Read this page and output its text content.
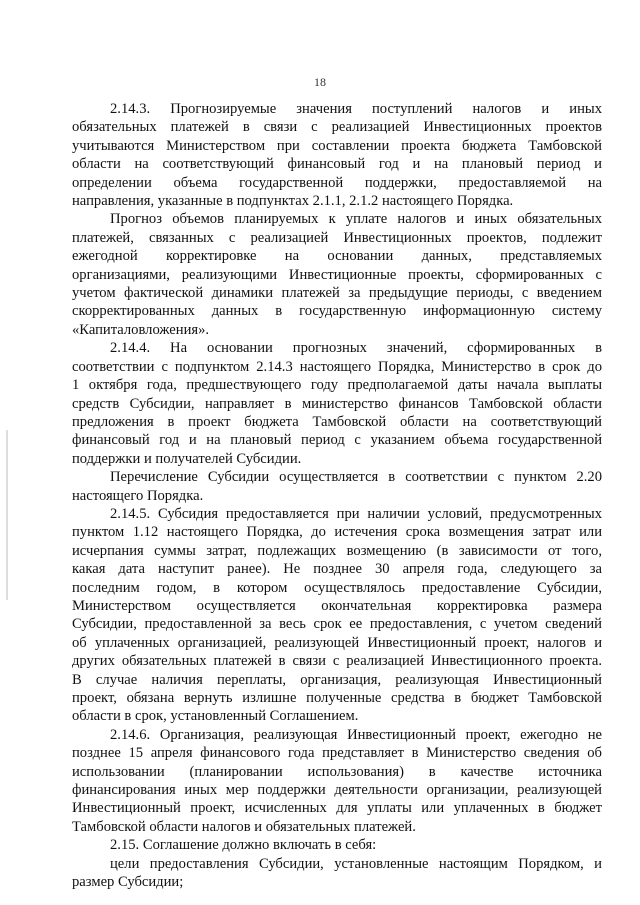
18
2.14.3. Прогнозируемые значения поступлений налогов и иных
обязательных платежей в связи с реализацией Инвестиционных проектов
учитываются Министерством при составлении проекта бюджета Тамбовской
области на соответствующий финансовый год и на плановый период и
определении объема государственной поддержки, предоставляемой на
направления, указанные в подпунктах 2.1.1, 2.1.2 настоящего Порядка.
Прогноз объемов планируемых к уплате налогов и иных обязательных
платежей, связанных с реализацией Инвестиционных проектов, подлежит
ежегодной корректировке на основании данных, представляемых
организациями, реализующими Инвестиционные проекты, сформированных с
учетом фактической динамики платежей за предыдущие периоды, с введением
скорректированных данных в государственную информационную систему
«Капиталовложения».
2.14.4. На основании прогнозных значений, сформированных в
соответствии с подпунктом 2.14.3 настоящего Порядка, Министерство в срок до
1 октября года, предшествующего году предполагаемой даты начала выплаты
средств Субсидии, направляет в министерство финансов Тамбовской области
предложения в проект бюджета Тамбовской области на соответствующий
финансовый год и на плановый период с указанием объема государственной
поддержки и получателей Субсидии.
Перечисление Субсидии осуществляется в соответствии с пунктом 2.20
настоящего Порядка.
2.14.5. Субсидия предоставляется при наличии условий, предусмотренных
пунктом 1.12 настоящего Порядка, до истечения срока возмещения затрат или
исчерпания суммы затрат, подлежащих возмещению (в зависимости от того,
какая дата наступит ранее). Не позднее 30 апреля года, следующего за
последним годом, в котором осуществлялось предоставление Субсидии,
Министерством осуществляется окончательная корректировка размера
Субсидии, предоставленной за весь срок ее предоставления, с учетом сведений
об уплаченных организацией, реализующей Инвестиционный проект, налогов и
других обязательных платежей в связи с реализацией Инвестиционного проекта.
В случае наличия переплаты, организация, реализующая Инвестиционный
проект, обязана вернуть излишне полученные средства в бюджет Тамбовской
области в срок, установленный Соглашением.
2.14.6. Организация, реализующая Инвестиционный проект, ежегодно не
позднее 15 апреля финансового года представляет в Министерство сведения об
использовании (планировании использования) в качестве источника
финансирования иных мер поддержки деятельности организации, реализующей
Инвестиционный проект, исчисленных для уплаты или уплаченных в бюджет
Тамбовской области налогов и обязательных платежей.
2.15. Соглашение должно включать в себя:
цели предоставления Субсидии, установленные настоящим Порядком, и
размер Субсидии;
